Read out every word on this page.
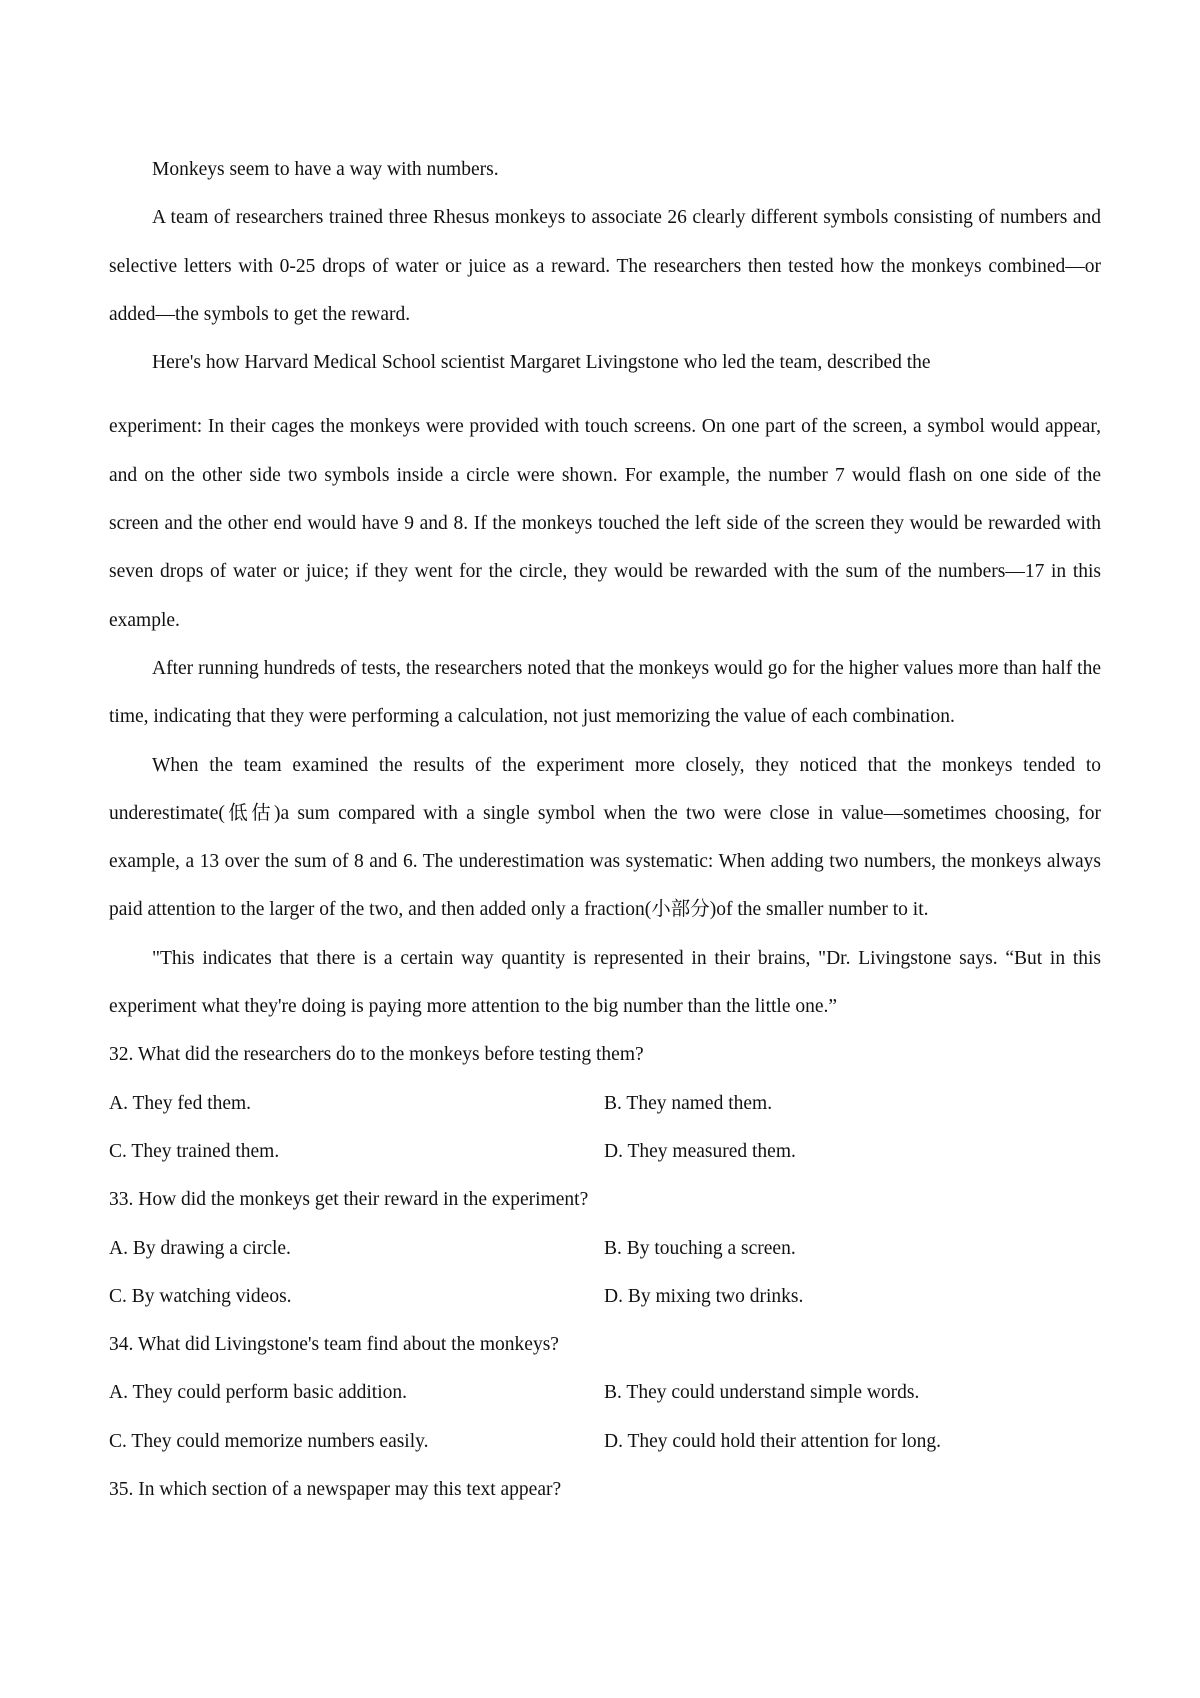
Monkeys seem to have a way with numbers.

A team of researchers trained three Rhesus monkeys to associate 26 clearly different symbols consisting of numbers and selective letters with 0-25 drops of water or juice as a reward. The researchers then tested how the monkeys combined—or added—the symbols to get the reward.

Here's how Harvard Medical School scientist Margaret Livingstone who led the team, described the

experiment: In their cages the monkeys were provided with touch screens. On one part of the screen, a symbol would appear, and on the other side two symbols inside a circle were shown. For example, the number 7 would flash on one side of the screen and the other end would have 9 and 8. If the monkeys touched the left side of the screen they would be rewarded with seven drops of water or juice; if they went for the circle, they would be rewarded with the sum of the numbers—17 in this example.

After running hundreds of tests, the researchers noted that the monkeys would go for the higher values more than half the time, indicating that they were performing a calculation, not just memorizing the value of each combination.

When the team examined the results of the experiment more closely, they noticed that the monkeys tended to underestimate(低估)a sum compared with a single symbol when the two were close in value—sometimes choosing, for example, a 13 over the sum of 8 and 6. The underestimation was systematic: When adding two numbers, the monkeys always paid attention to the larger of the two, and then added only a fraction(小部分)of the smaller number to it.

"This indicates that there is a certain way quantity is represented in their brains, "Dr. Livingstone says. “But in this experiment what they're doing is paying more attention to the big number than the little one.”

32. What did the researchers do to the monkeys before testing them?

A. They fed them.	B. They named them.
C. They trained them.	D. They measured them.

33. How did the monkeys get their reward in the experiment?

A. By drawing a circle.	B. By touching a screen.
C. By watching videos.	D. By mixing two drinks.

34. What did Livingstone's team find about the monkeys?

A. They could perform basic addition.	B. They could understand simple words.
C. They could memorize numbers easily.	D. They could hold their attention for long.

35. In which section of a newspaper may this text appear?
